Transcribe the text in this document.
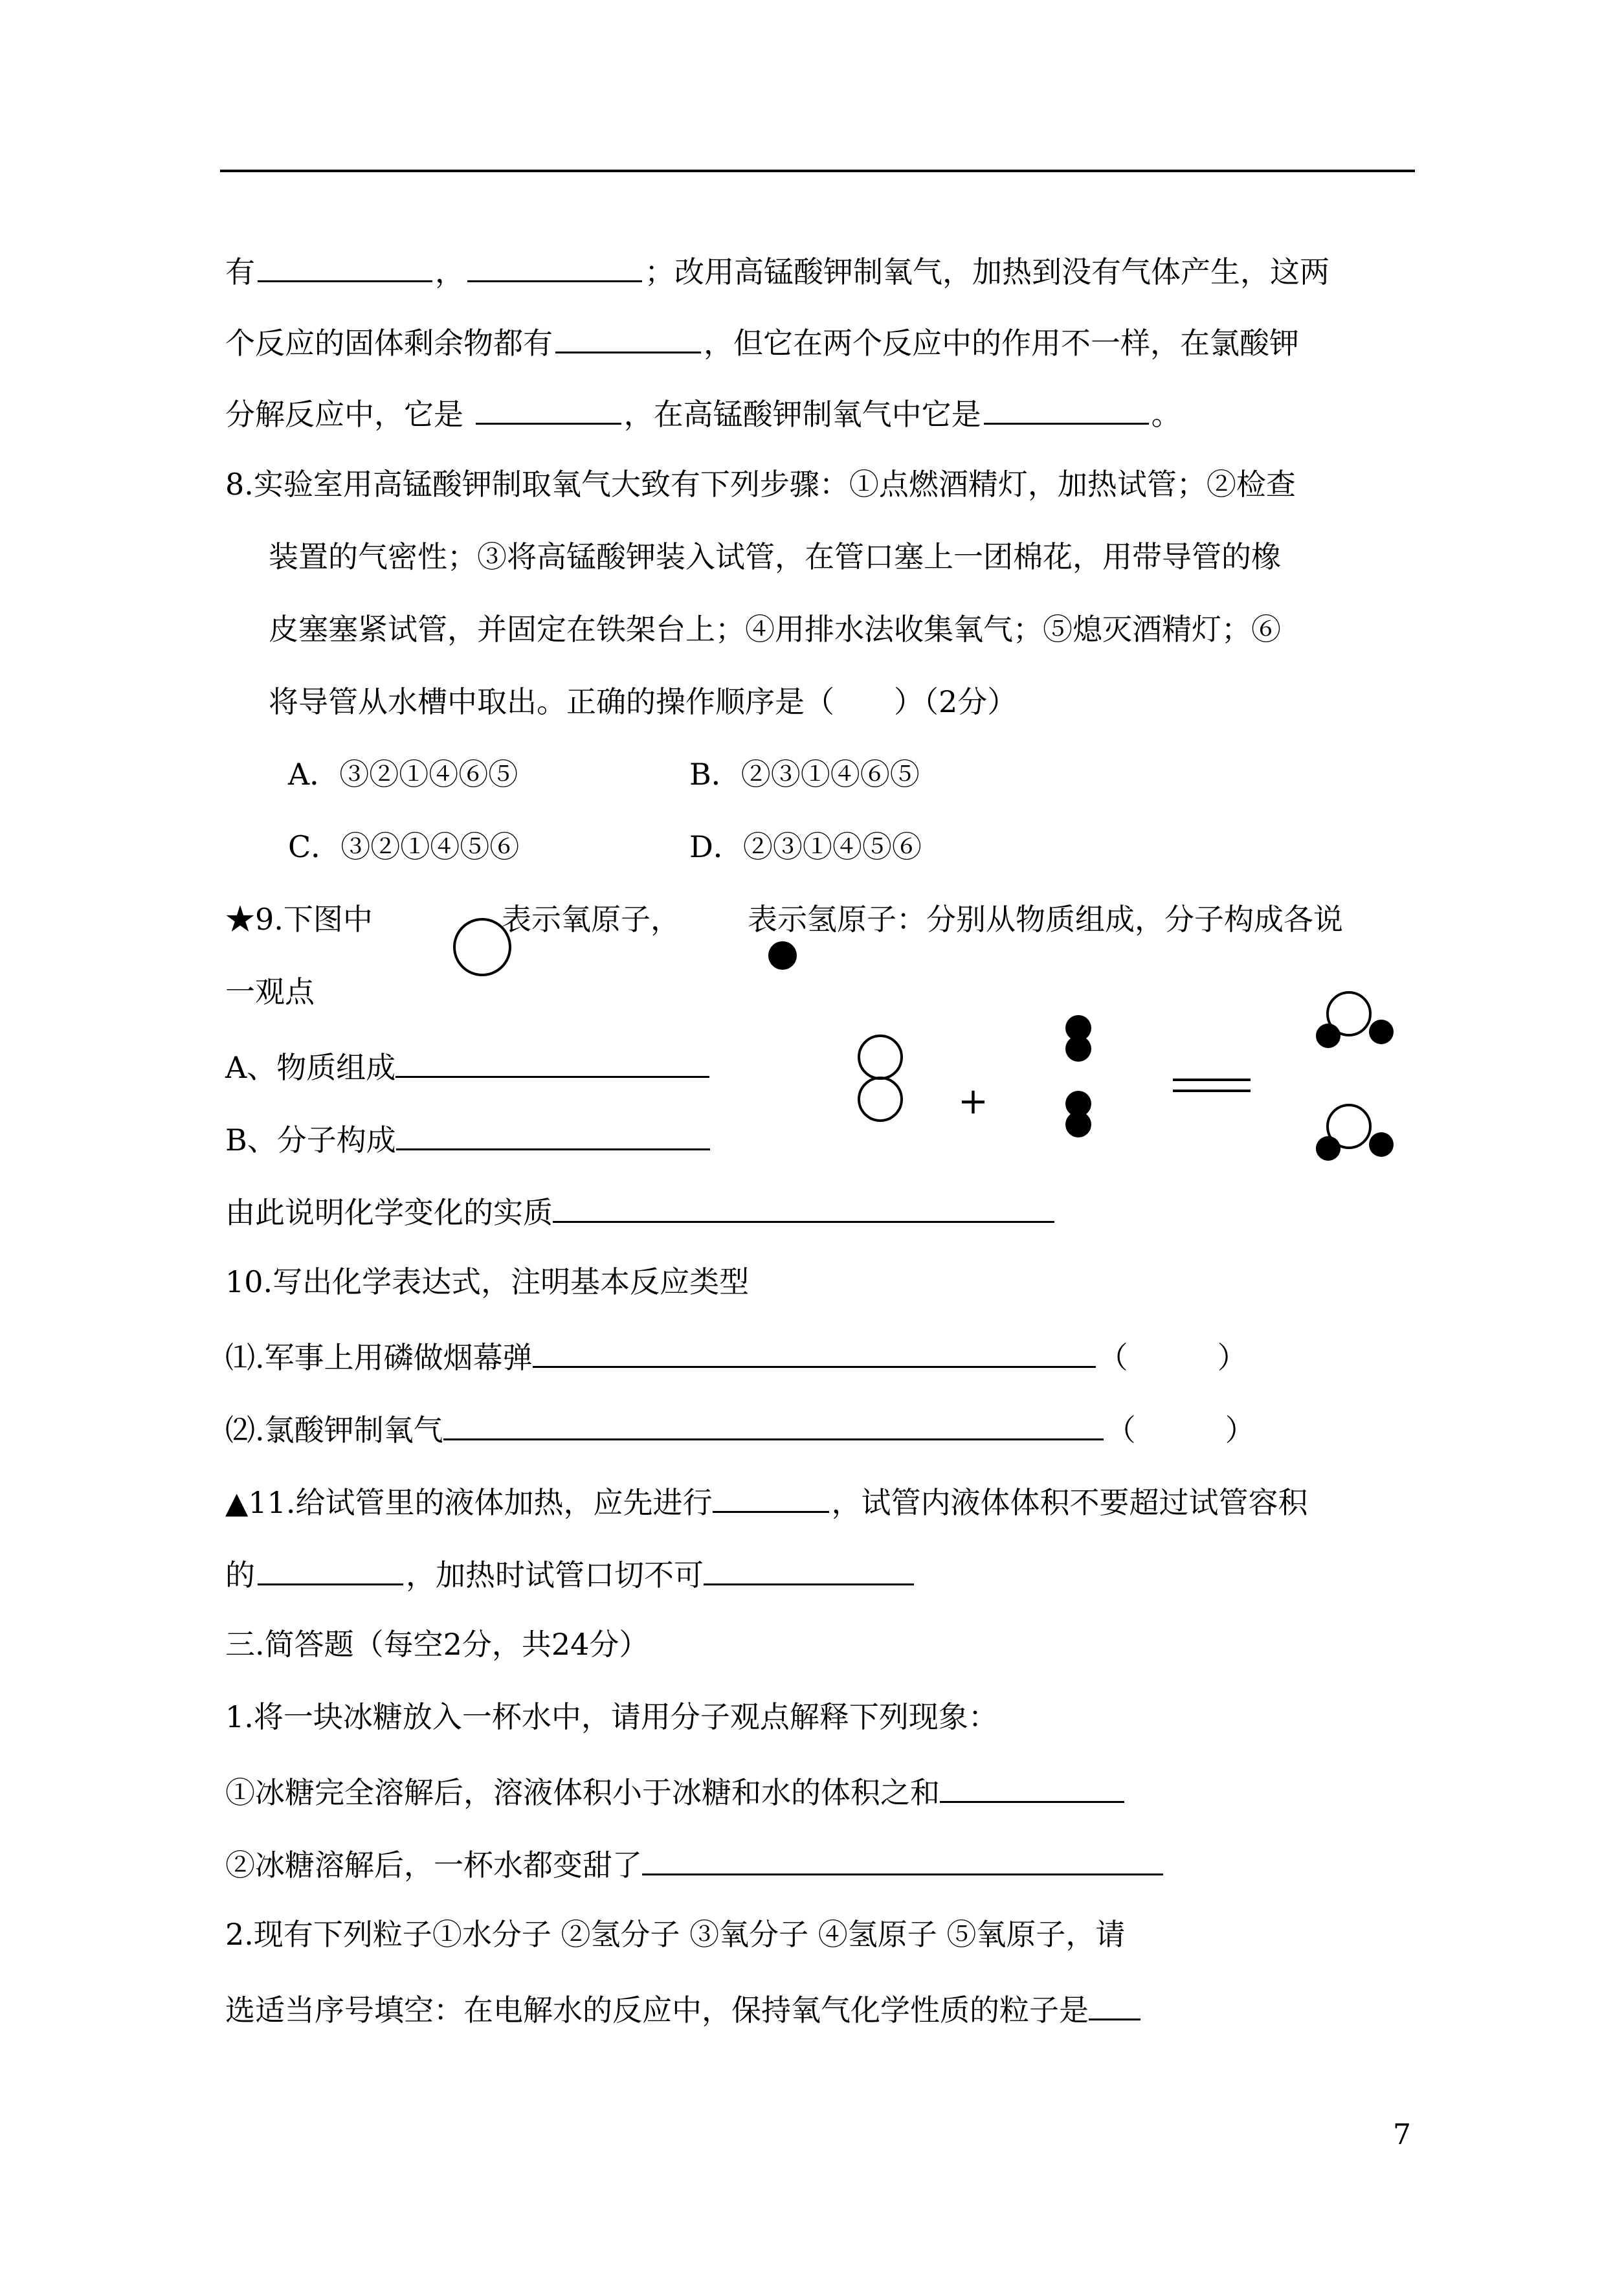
有	，	；改用高锰酸钾制氧气，加热到没有气体产生，这两
个反应的固体剩余物都有	，但它在两个反应中的作用不一样，在氯酸钾
分解反应中，它是	，在高锰酸钾制氧气中它是	。
8.实验室用高锰酸钾制取氧气大致有下列步骤：①点燃酒精灯，加热试管；②检查
装置的气密性；③将高锰酸钾装入试管，在管口塞上一团棉花，用带导管的橡
皮塞塞紧试管，并固定在铁架台上；④用排水法收集氧气；⑤熄灭酒精灯；⑥
将导管从水槽中取出。正确的操作顺序是（　　）（2分）
A．③②①④⑥⑤	B．②③①④⑥⑤
C．③②①④⑤⑥	D．②③①④⑤⑥
★9.下图中	表示氧原子， 表示氢原子：分别从物质组成，分子构成各说
一观点
A、物质组成
B、分子构成
由此说明化学变化的实质
+
10.写出化学表达式，注明基本反应类型
⑴.军事上用磷做烟幕弹	（　　　）
⑵.氯酸钾制氧气	（　　　）
▲11.给试管里的液体加热，应先进行	，试管内液体体积不要超过试管容积
的	，加热时试管口切不可
三.简答题（每空2分，共24分）
1.将一块冰糖放入一杯水中，请用分子观点解释下列现象：
①冰糖完全溶解后，溶液体积小于冰糖和水的体积之和
②冰糖溶解后，一杯水都变甜了
2.现有下列粒子①水分子 ②氢分子 ③氧分子 ④氢原子 ⑤氧原子，请
选适当序号填空：在电解水的反应中，保持氧气化学性质的粒子是
7
